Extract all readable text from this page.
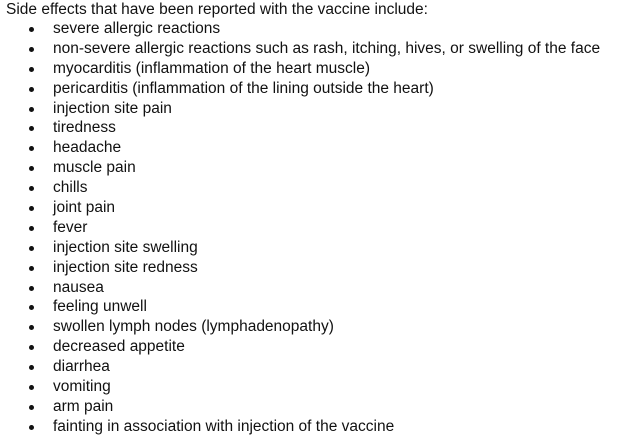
Side effects that have been reported with the vaccine include:
severe allergic reactions
non-severe allergic reactions such as rash, itching, hives, or swelling of the face
myocarditis (inflammation of the heart muscle)
pericarditis (inflammation of the lining outside the heart)
injection site pain
tiredness
headache
muscle pain
chills
joint pain
fever
injection site swelling
injection site redness
nausea
feeling unwell
swollen lymph nodes (lymphadenopathy)
decreased appetite
diarrhea
vomiting
arm pain
fainting in association with injection of the vaccine
